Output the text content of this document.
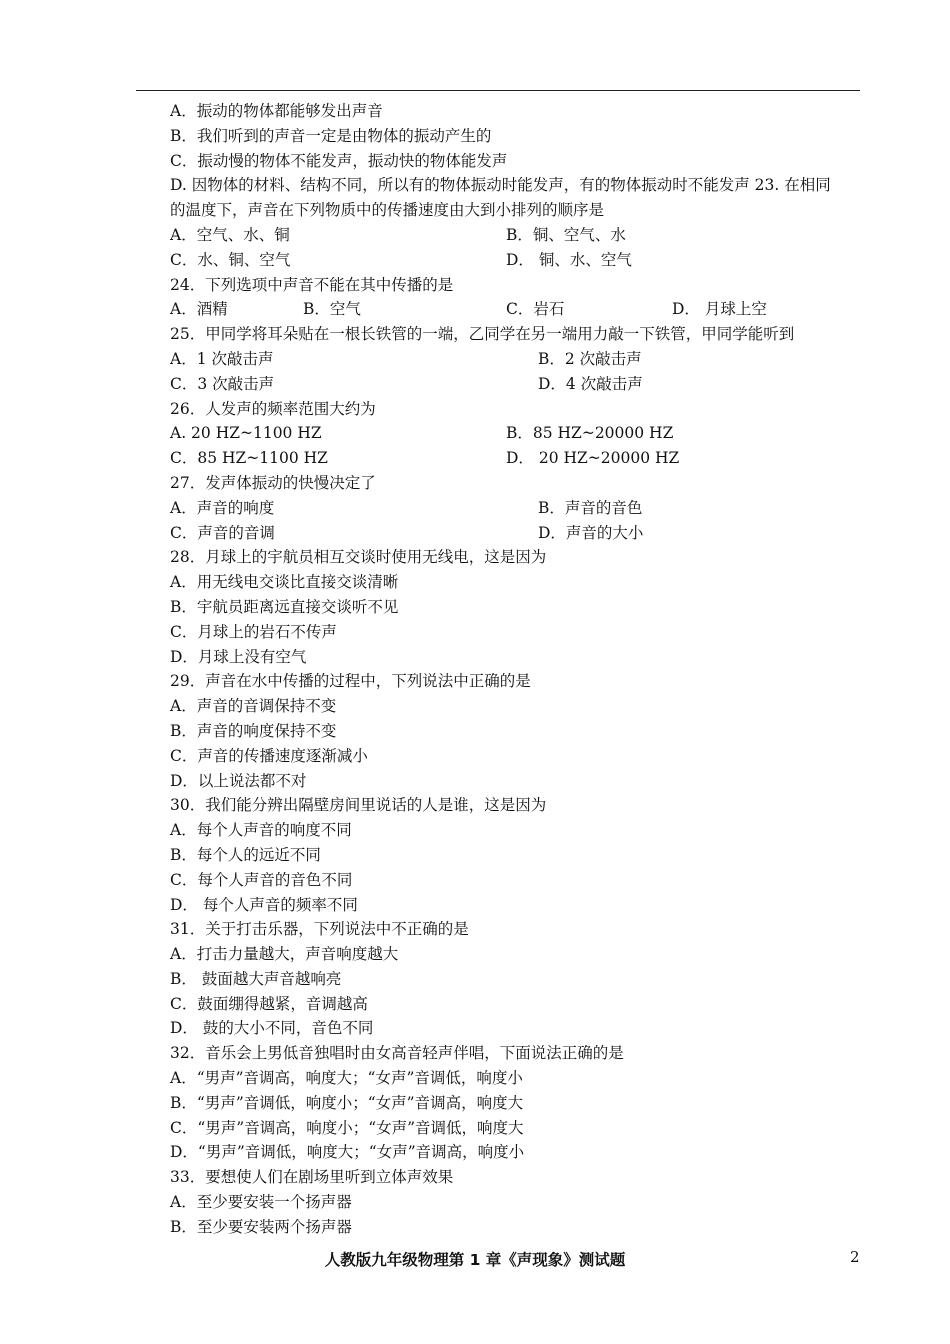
A．振动的物体都能够发出声音
B．我们听到的声音一定是由物体的振动产生的
C．振动慢的物体不能发声，振动快的物体能发声
D. 因物体的材料、结构不同，所以有的物体振动时能发声，有的物体振动时不能发声 23. 在相同
的温度下，声音在下列物质中的传播速度由大到小排列的顺序是
A．空气、水、铜	B．铜、空气、水
C．水、铜、空气	D． 铜、水、空气
24．下列选项中声音不能在其中传播的是
A．酒精	B．空气	C．岩石	D． 月球上空
25．甲同学将耳朵贴在一根长铁管的一端，乙同学在另一端用力敲一下铁管，甲同学能听到
A．1 次敲击声	B．2 次敲击声
C．3 次敲击声	D．4 次敲击声
26．人发声的频率范围大约为
A. 20 HZ~1100 HZ	B．85 HZ~20000 HZ
C．85 HZ~1100 HZ	D． 20 HZ~20000 HZ
27．发声体振动的快慢决定了
A．声音的响度	B．声音的音色
C．声音的音调	D．声音的大小
28．月球上的宇航员相互交谈时使用无线电，这是因为
A．用无线电交谈比直接交谈清晰
B．宇航员距离远直接交谈听不见
C．月球上的岩石不传声
D．月球上没有空气
29．声音在水中传播的过程中，下列说法中正确的是
A．声音的音调保持不变
B．声音的响度保持不变
C．声音的传播速度逐渐减小
D．以上说法都不对
30．我们能分辨出隔壁房间里说话的人是谁，这是因为
A．每个人声音的响度不同
B．每个人的远近不同
C．每个人声音的音色不同
D． 每个人声音的频率不同
31．关于打击乐器，下列说法中不正确的是
A．打击力量越大，声音响度越大
B． 鼓面越大声音越响亮
C．鼓面绷得越紧，音调越高
D． 鼓的大小不同，音色不同
32．音乐会上男低音独唱时由女高音轻声伴唱，下面说法正确的是
A．“男声”音调高，响度大；“女声”音调低，响度小
B．“男声”音调低，响度小；“女声”音调高，响度大
C．“男声”音调高，响度小；“女声”音调低，响度大
D．“男声”音调低，响度大；“女声”音调高，响度小
33．要想使人们在剧场里听到立体声效果
A．至少要安装一个扬声器
B．至少要安装两个扬声器
人教版九年级物理第 1 章《声现象》测试题	2
